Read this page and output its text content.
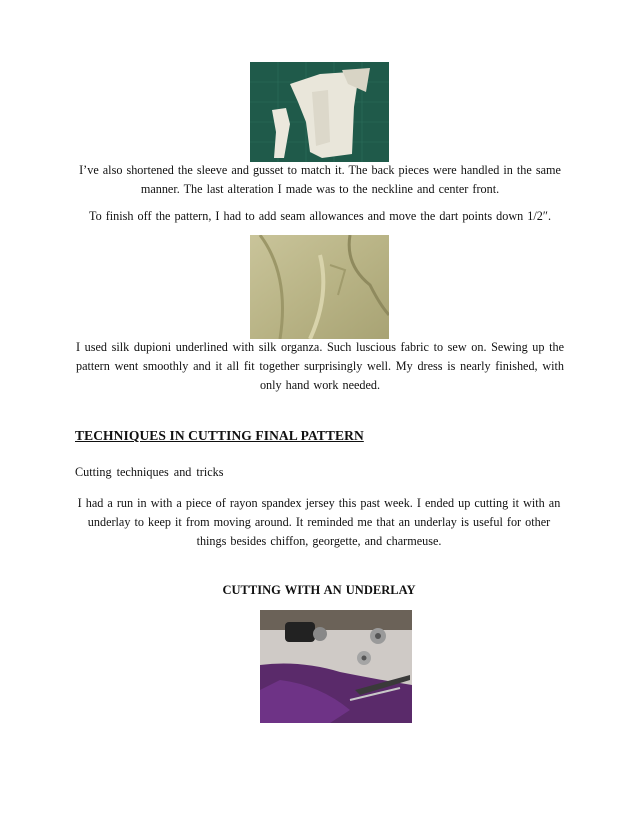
I’ve also shortened the sleeve and gusset to match it. The back pieces were handled in the same manner. The last alteration I made was to the neckline and center front.

To finish off the pattern, I had to add seam allowances and move the dart points down 1/2″.

I used silk dupioni underlined with silk organza. Such luscious fabric to sew on. Sewing up the pattern went smoothly and it all fit together surprisingly well. My dress is nearly finished, with only hand work needed.

TECHNIQUES IN CUTTING FINAL PATTERN
Cutting techniques and tricks

I had a run in with a piece of rayon spandex jersey this past week. I ended up cutting it with an underlay to keep it from moving around. It reminded me that an underlay is useful for other things besides chiffon, georgette, and charmeuse.

CUTTING WITH AN UNDERLAY
